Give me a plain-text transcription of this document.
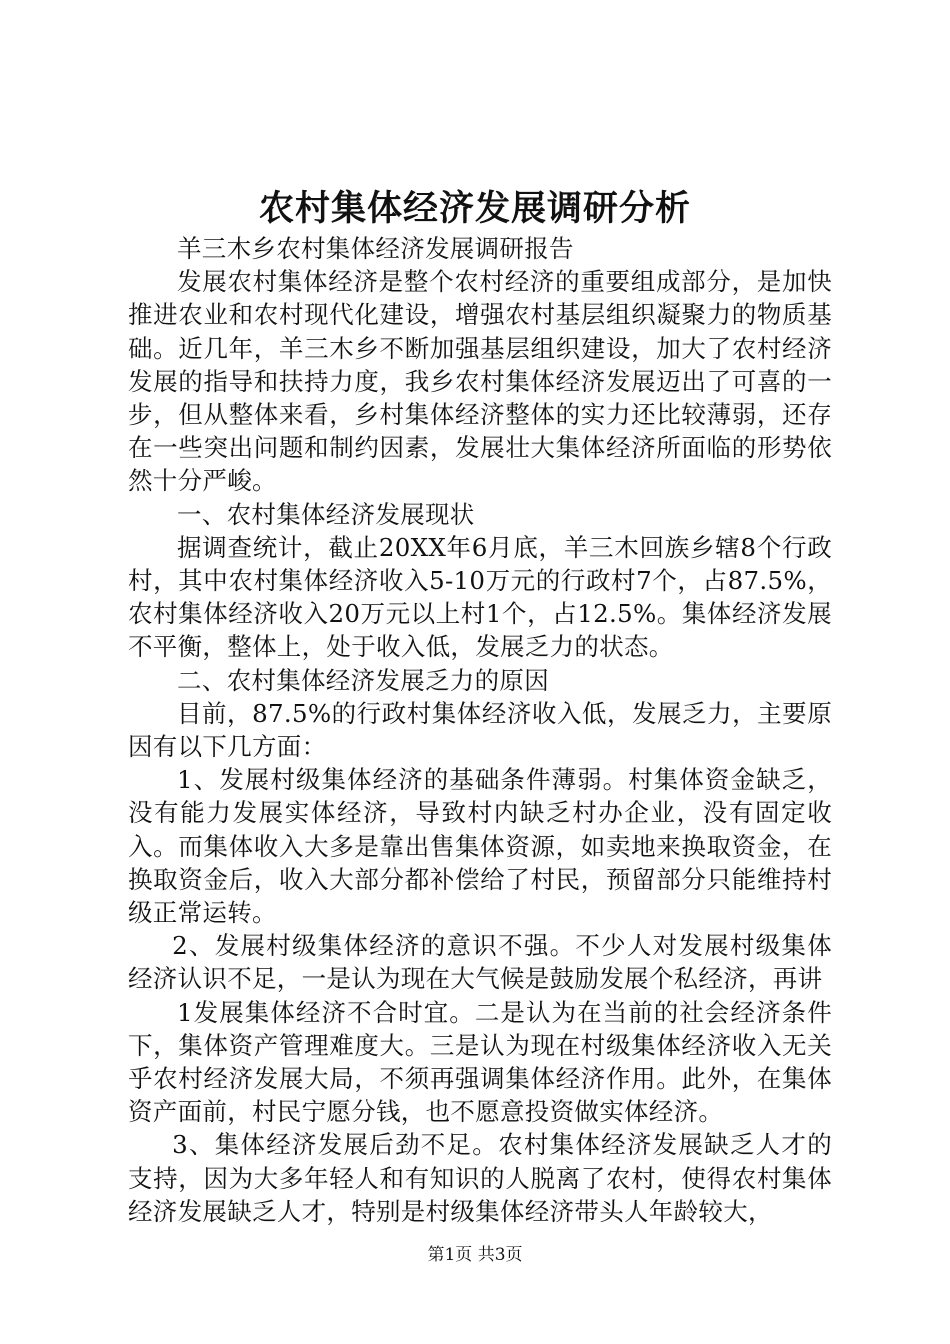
农村集体经济发展调研分析

羊三木乡农村集体经济发展调研报告

发展农村集体经济是整个农村经济的重要组成部分，是加快推进农业和农村现代化建设，增强农村基层组织凝聚力的物质基础。近几年，羊三木乡不断加强基层组织建设，加大了农村经济发展的指导和扶持力度，我乡农村集体经济发展迈出了可喜的一步，但从整体来看，乡村集体经济整体的实力还比较薄弱，还存在一些突出问题和制约因素，发展壮大集体经济所面临的形势依然十分严峻。

一、农村集体经济发展现状

据调查统计，截止20XX年6月底，羊三木回族乡辖8个行政村，其中农村集体经济收入5-10万元的行政村7个，占87.5%，农村集体经济收入20万元以上村1个，占12.5%。集体经济发展不平衡，整体上，处于收入低，发展乏力的状态。

二、农村集体经济发展乏力的原因

目前，87.5%的行政村集体经济收入低，发展乏力，主要原因有以下几方面：

1、发展村级集体经济的基础条件薄弱。村集体资金缺乏，没有能力发展实体经济，导致村内缺乏村办企业，没有固定收入。而集体收入大多是靠出售集体资源，如卖地来换取资金，在换取资金后，收入大部分都补偿给了村民，预留部分只能维持村级正常运转。

2、发展村级集体经济的意识不强。不少人对发展村级集体经济认识不足，一是认为现在大气候是鼓励发展个私经济，再讲

1发展集体经济不合时宜。二是认为在当前的社会经济条件下，集体资产管理难度大。三是认为现在村级集体经济收入无关乎农村经济发展大局，不须再强调集体经济作用。此外，在集体资产面前，村民宁愿分钱，也不愿意投资做实体经济。

3、集体经济发展后劲不足。农村集体经济发展缺乏人才的支持，因为大多年轻人和有知识的人脱离了农村，使得农村集体经济发展缺乏人才，特别是村级集体经济带头人年龄较大，

第1页 共3页
